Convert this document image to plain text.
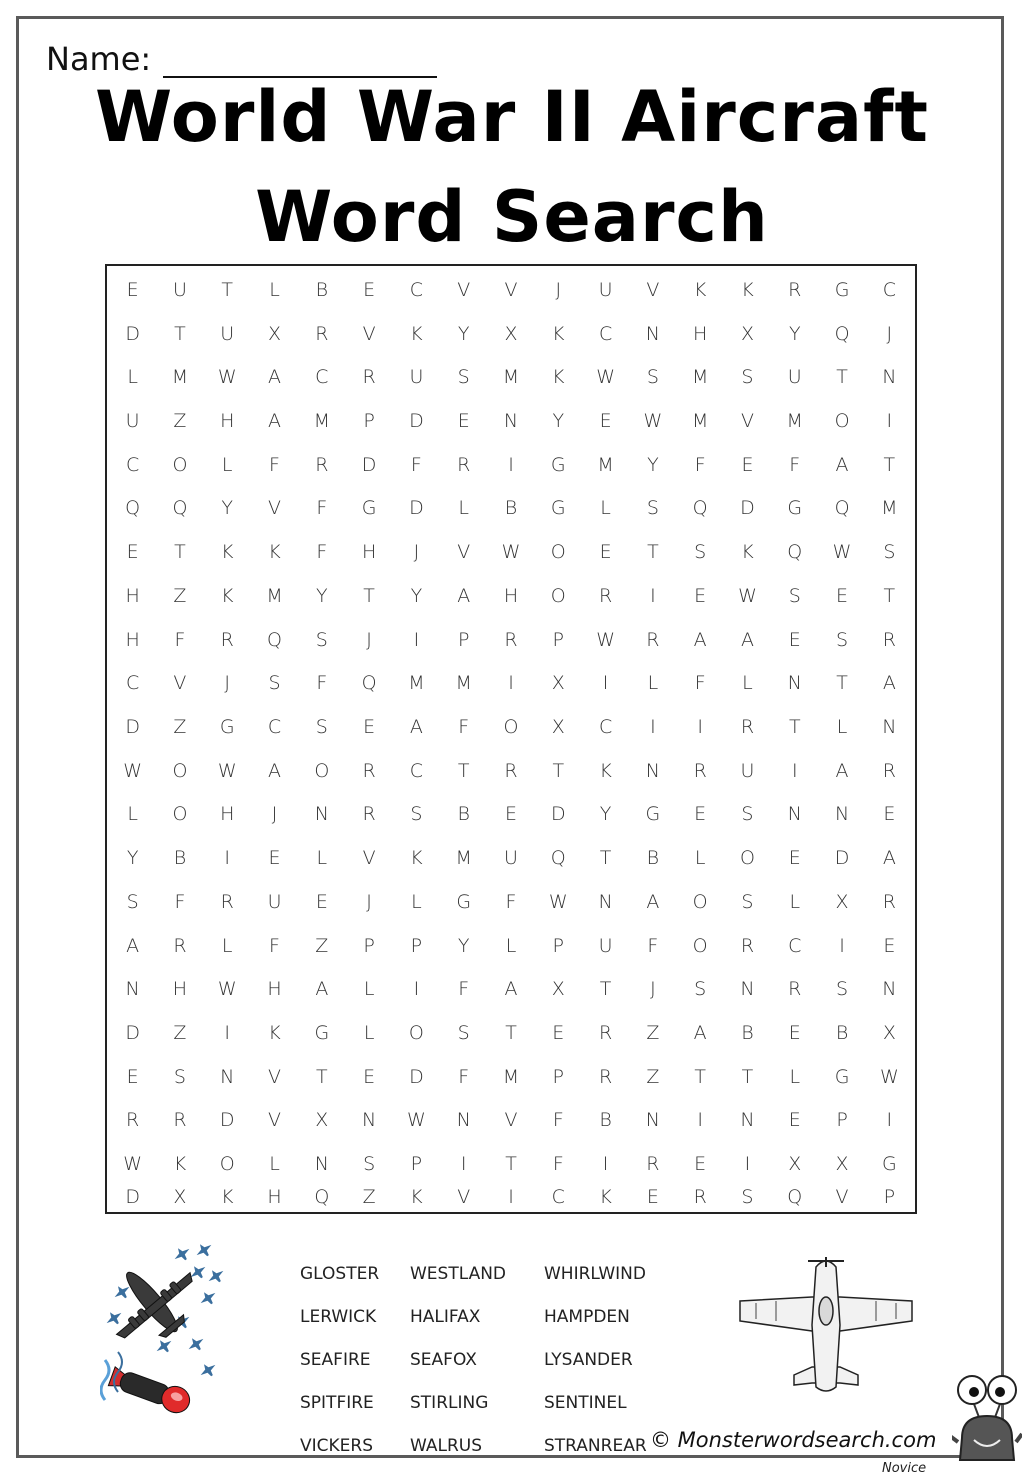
Name:
World War II Aircraft
Word Search
E	U	T	L	B	E	C	V	V	J	U	V	K	K	R	G	C
D	T	U	X	R	V	K	Y	X	K	C	N	H	X	Y	Q	J
L	M	W	A	C	R	U	S	M	K	W	S	M	S	U	T	N
U	Z	H	A	M	P	D	E	N	Y	E	W	M	V	M	O	I
C	O	L	F	R	D	F	R	I	G	M	Y	F	E	F	A	T
Q	Q	Y	V	F	G	D	L	B	G	L	S	Q	D	G	Q	M
E	T	K	K	F	H	J	V	W	O	E	T	S	K	Q	W	S
H	Z	K	M	Y	T	Y	A	H	O	R	I	E	W	S	E	T
H	F	R	Q	S	J	I	P	R	P	W	R	A	A	E	S	R
C	V	J	S	F	Q	M	M	I	X	I	L	F	L	N	T	A
D	Z	G	C	S	E	A	F	O	X	C	I	I	R	T	L	N
W	O	W	A	O	R	C	T	R	T	K	N	R	U	I	A	R
L	O	H	J	N	R	S	B	E	D	Y	G	E	S	N	N	E
Y	B	I	E	L	V	K	M	U	Q	T	B	L	O	E	D	A
S	F	R	U	E	J	L	G	F	W	N	A	O	S	L	X	R
A	R	L	F	Z	P	P	Y	L	P	U	F	O	R	C	I	E
N	H	W	H	A	L	I	F	A	X	T	J	S	N	R	S	N
D	Z	I	K	G	L	O	S	T	E	R	Z	A	B	E	B	X
E	S	N	V	T	E	D	F	M	P	R	Z	T	T	L	G	W
R	R	D	V	X	N	W	N	V	F	B	N	I	N	E	P	I
W	K	O	L	N	S	P	I	T	F	I	R	E	I	X	X	G
D	X	K	H	Q	Z	K	V	I	C	K	E	R	S	Q	V	P
GLOSTER	WESTLAND	WHIRLWIND
LERWICK	HALIFAX	HAMPDEN
SEAFIRE	SEAFOX	LYSANDER
SPITFIRE	STIRLING	SENTINEL
VICKERS	WALRUS	STRANREAR © Monsterwordsearch.com
Novice
